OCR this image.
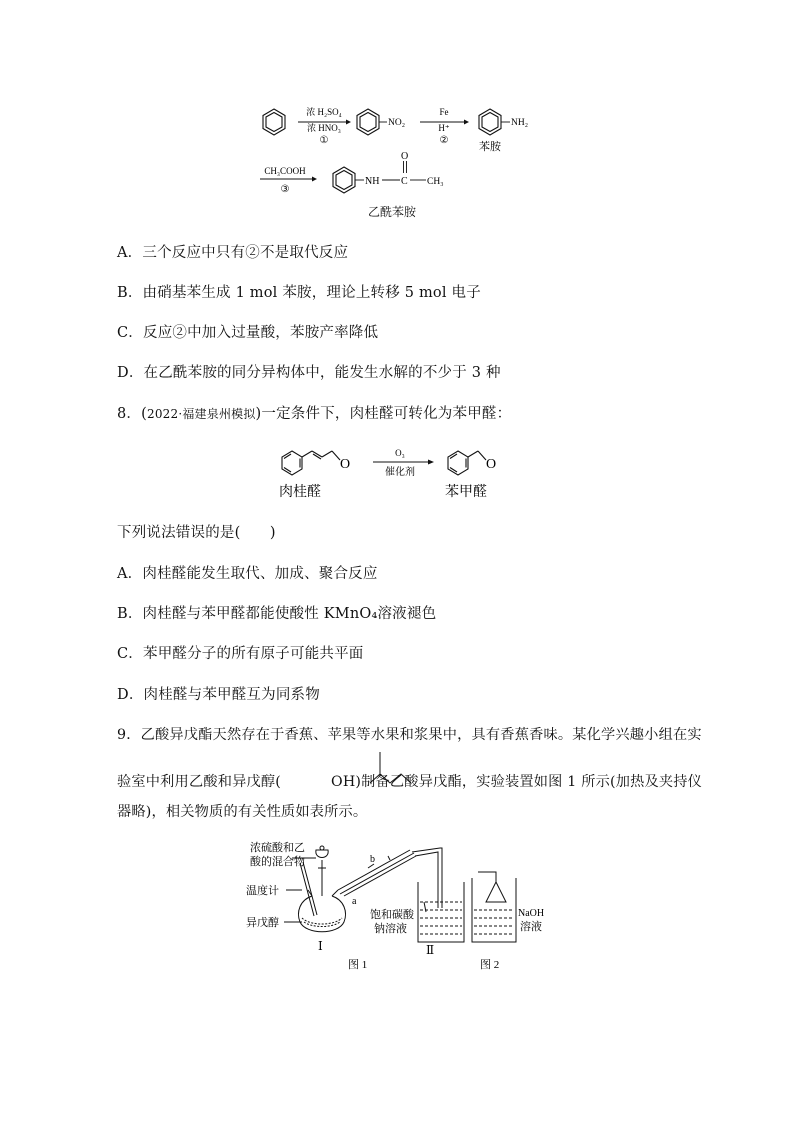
浓 H₂SO₄
浓 HNO₃
①
NO₂
Fe
H⁺
②
NH₂
苯胺
CH₃COOH
③
NH C
O
CH₃
乙酰苯胺
A．三个反应中只有②不是取代反应
B．由硝基苯生成 1 mol 苯胺，理论上转移 5 mol 电子
C．反应②中加入过量酸，苯胺产率降低
D．在乙酰苯胺的同分异构体中，能发生水解的不少于 3 种
8．(2022·福建泉州模拟)一定条件下，肉桂醛可转化为苯甲醛：
O
O₃
催化剂
O
肉桂醛	苯甲醛
下列说法错误的是(　　)
A．肉桂醛能发生取代、加成、聚合反应
B．肉桂醛与苯甲醛都能使酸性 KMnO₄溶液褪色
C．苯甲醛分子的所有原子可能共平面
D．肉桂醛与苯甲醛互为同系物
9．乙酸异戊酯天然存在于香蕉、苹果等水果和浆果中，具有香蕉香味。某化学兴趣小组在实
验室中利用乙酸和异戊醇(	OH)制备乙酸异戊酯，实验装置如图 1 所示(加热及夹持仪
器略)，相关物质的有关性质如表所示。
浓硫酸和乙
酸的混合物
温度计
异戊醇
Ⅰ
b
a
饱和碳酸
钠溶液
Ⅱ
NaOH
溶液
图 1	图 2
